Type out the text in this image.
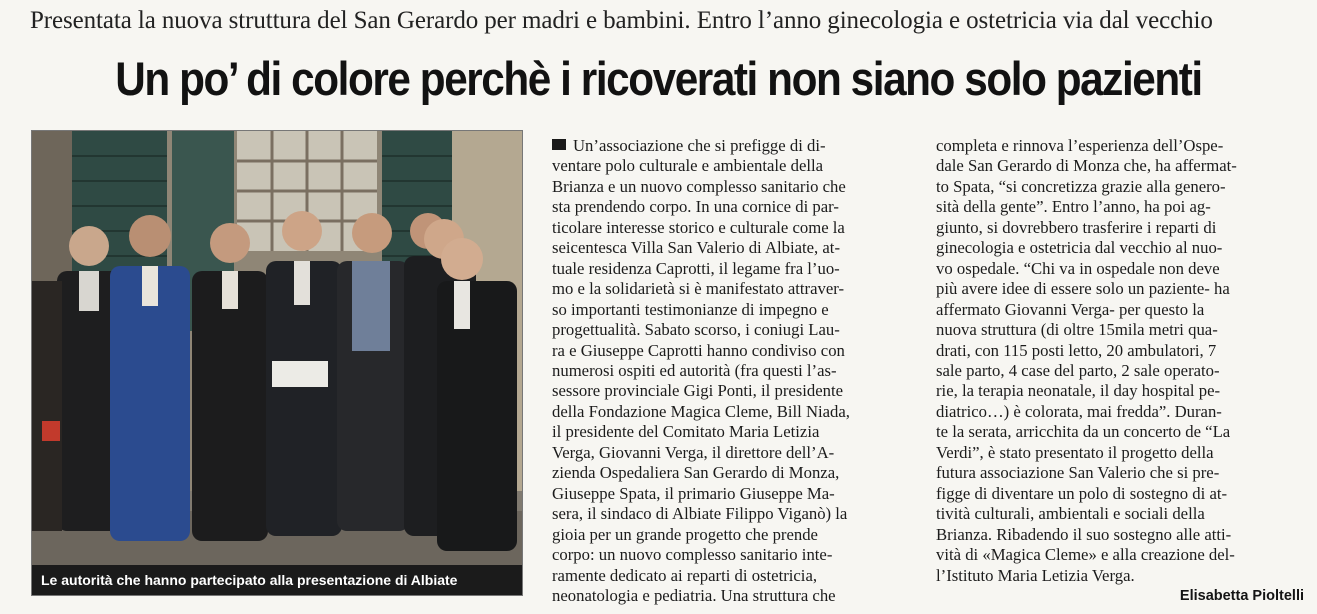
Presentata la nuova struttura del San Gerardo per madri e bambini. Entro l’anno ginecologia e ostetricia via dal vecchio
Un po’ di colore perchè i ricoverati non siano solo pazienti
Le autorità che hanno partecipato alla presentazione di Albiate
Un’associazione che si prefigge di di-
ventare polo culturale e ambientale della
Brianza e un nuovo complesso sanitario che
sta prendendo corpo. In una cornice di par-
ticolare interesse storico e culturale come la
seicentesca Villa San Valerio di Albiate, at-
tuale residenza Caprotti, il legame fra l’uo-
mo e la solidarietà si è manifestato attraver-
so importanti testimonianze di impegno e
progettualità. Sabato scorso, i coniugi Lau-
ra e Giuseppe Caprotti hanno condiviso con
numerosi ospiti ed autorità (fra questi l’as-
sessore provinciale Gigi Ponti, il presidente
della Fondazione Magica Cleme, Bill Niada,
il presidente del Comitato Maria Letizia
Verga, Giovanni Verga, il direttore dell’A-
zienda Ospedaliera San Gerardo di Monza,
Giuseppe Spata, il primario Giuseppe Ma-
sera, il sindaco di Albiate Filippo Viganò) la
gioia per un grande progetto che prende
corpo: un nuovo complesso sanitario inte-
ramente dedicato ai reparti di ostetricia,
neonatologia e pediatria. Una struttura che
completa e rinnova l’esperienza dell’Ospe-
dale San Gerardo di Monza che, ha affermat-
to Spata, “si concretizza grazie alla genero-
sità della gente”. Entro l’anno, ha poi ag-
giunto, si dovrebbero trasferire i reparti di
ginecologia e ostetricia dal vecchio al nuo-
vo ospedale. “Chi va in ospedale non deve
più avere idee di essere solo un paziente- ha
affermato Giovanni Verga- per questo la
nuova struttura (di oltre 15mila metri qua-
drati, con 115 posti letto, 20 ambulatori, 7
sale parto, 4 case del parto, 2 sale operato-
rie, la terapia neonatale, il day hospital pe-
diatrico…) è colorata, mai fredda”. Duran-
te la serata, arricchita da un concerto de “La
Verdi”, è stato presentato il progetto della
futura associazione San Valerio che si pre-
figge di diventare un polo di sostegno di at-
tività culturali, ambientali e sociali della
Brianza. Ribadendo il suo sostegno alle atti-
vità di «Magica Cleme» e alla creazione del-
l’Istituto Maria Letizia Verga.
Elisabetta Pioltelli
